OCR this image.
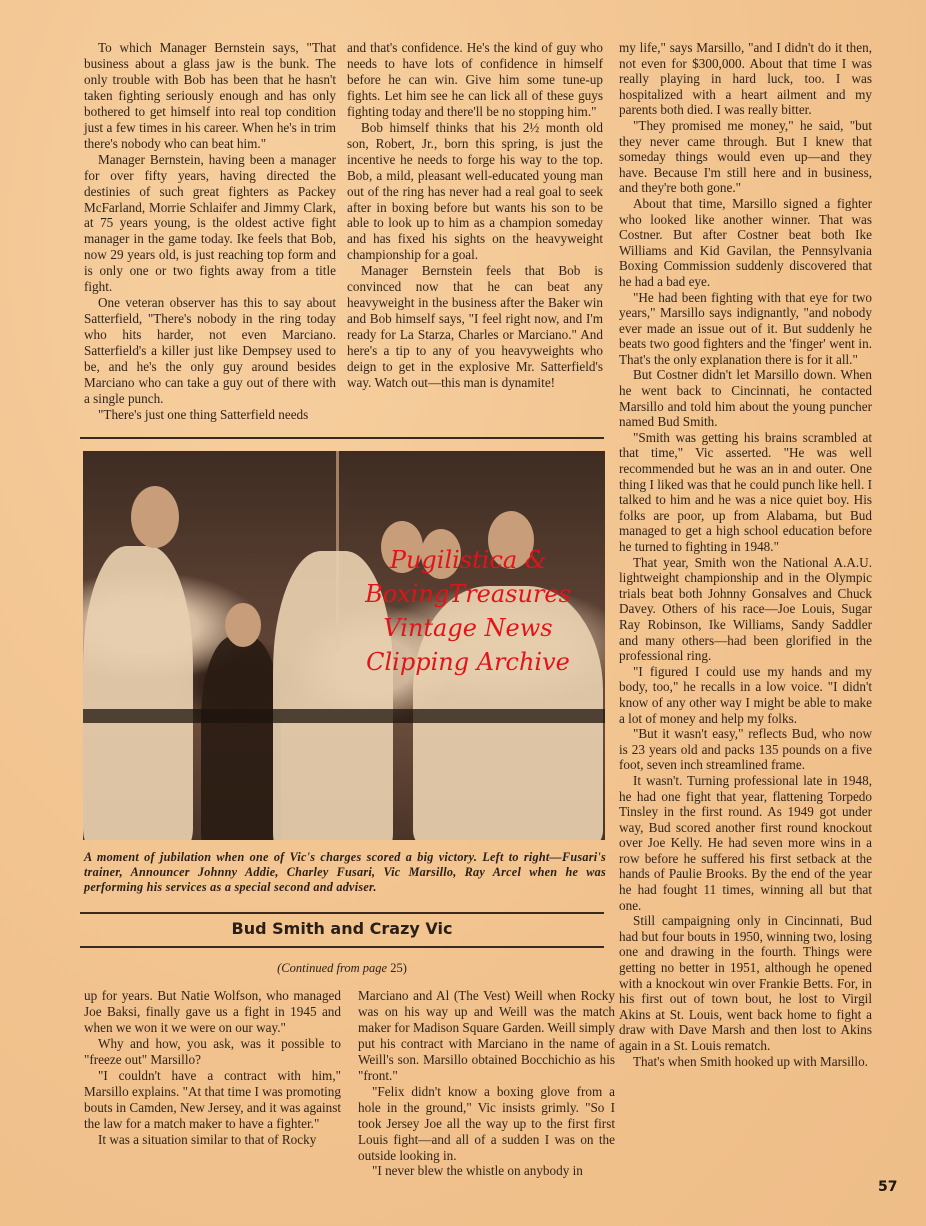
To which Manager Bernstein says, "That business about a glass jaw is the bunk. The only trouble with Bob has been that he hasn't taken fighting seriously enough and has only bothered to get himself into real top condition just a few times in his career. When he's in trim there's nobody who can beat him."

Manager Bernstein, having been a manager for over fifty years, having directed the destinies of such great fighters as Packey McFarland, Morrie Schlaifer and Jimmy Clark, at 75 years young, is the oldest active fight manager in the game today. Ike feels that Bob, now 29 years old, is just reaching top form and is only one or two fights away from a title fight.

One veteran observer has this to say about Satterfield, "There's nobody in the ring today who hits harder, not even Marciano. Satterfield's a killer just like Dempsey used to be, and he's the only guy around besides Marciano who can take a guy out of there with a single punch.

"There's just one thing Satterfield needs

and that's confidence. He's the kind of guy who needs to have lots of confidence in himself before he can win. Give him some tune-up fights. Let him see he can lick all of these guys fighting today and there'll be no stopping him."

Bob himself thinks that his 2½ month old son, Robert, Jr., born this spring, is just the incentive he needs to forge his way to the top. Bob, a mild, pleasant well-educated young man out of the ring has never had a real goal to seek after in boxing before but wants his son to be able to look up to him as a champion someday and has fixed his sights on the heavyweight championship for a goal.

Manager Bernstein feels that Bob is convinced now that he can beat any heavyweight in the business after the Baker win and Bob himself says, "I feel right now, and I'm ready for La Starza, Charles or Marciano." And here's a tip to any of you heavyweights who deign to get in the explosive Mr. Satterfield's way. Watch out—this man is dynamite!

Pugilistica &
BoxingTreasures
Vintage News
Clipping Archive
A moment of jubilation when one of Vic's charges scored a big victory. Left to right—Fusari's trainer, Announcer Johnny Addie, Charley Fusari, Vic Marsillo, Ray Arcel when he was performing his services as a special second and adviser.
Bud Smith and Crazy Vic
(Continued from page 25)

up for years. But Natie Wolfson, who managed Joe Baksi, finally gave us a fight in 1945 and when we won it we were on our way."

Why and how, you ask, was it possible to "freeze out" Marsillo?

"I couldn't have a contract with him," Marsillo explains. "At that time I was promoting bouts in Camden, New Jersey, and it was against the law for a match maker to have a fighter."

It was a situation similar to that of Rocky

Marciano and Al (The Vest) Weill when Rocky was on his way up and Weill was the match maker for Madison Square Garden. Weill simply put his contract with Marciano in the name of Weill's son. Marsillo obtained Bocchichio as his "front."

"Felix didn't know a boxing glove from a hole in the ground," Vic insists grimly. "So I took Jersey Joe all the way up to the first first Louis fight—and all of a sudden I was on the outside looking in.

"I never blew the whistle on anybody in

my life," says Marsillo, "and I didn't do it then, not even for $300,000. About that time I was really playing in hard luck, too. I was hospitalized with a heart ailment and my parents both died. I was really bitter.

"They promised me money," he said, "but they never came through. But I knew that someday things would even up—and they have. Because I'm still here and in business, and they're both gone."

About that time, Marsillo signed a fighter who looked like another winner. That was Costner. But after Costner beat both Ike Williams and Kid Gavilan, the Pennsylvania Boxing Commission suddenly discovered that he had a bad eye.

"He had been fighting with that eye for two years," Marsillo says indignantly, "and nobody ever made an issue out of it. But suddenly he beats two good fighters and the 'finger' went in. That's the only explanation there is for it all."

But Costner didn't let Marsillo down. When he went back to Cincinnati, he contacted Marsillo and told him about the young puncher named Bud Smith.

"Smith was getting his brains scrambled at that time," Vic asserted. "He was well recommended but he was an in and outer. One thing I liked was that he could punch like hell. I talked to him and he was a nice quiet boy. His folks are poor, up from Alabama, but Bud managed to get a high school education before he turned to fighting in 1948."

That year, Smith won the National A.A.U. lightweight championship and in the Olympic trials beat both Johnny Gonsalves and Chuck Davey. Others of his race—Joe Louis, Sugar Ray Robinson, Ike Williams, Sandy Saddler and many others—had been glorified in the professional ring.

"I figured I could use my hands and my body, too," he recalls in a low voice. "I didn't know of any other way I might be able to make a lot of money and help my folks.

"But it wasn't easy," reflects Bud, who now is 23 years old and packs 135 pounds on a five foot, seven inch streamlined frame.

It wasn't. Turning professional late in 1948, he had one fight that year, flattening Torpedo Tinsley in the first round. As 1949 got under way, Bud scored another first round knockout over Joe Kelly. He had seven more wins in a row before he suffered his first setback at the hands of Paulie Brooks. By the end of the year he had fought 11 times, winning all but that one.

Still campaigning only in Cincinnati, Bud had but four bouts in 1950, winning two, losing one and drawing in the fourth. Things were getting no better in 1951, although he opened with a knockout win over Frankie Betts. For, in his first out of town bout, he lost to Virgil Akins at St. Louis, went back home to fight a draw with Dave Marsh and then lost to Akins again in a St. Louis rematch.

That's when Smith hooked up with Marsillo.

57
